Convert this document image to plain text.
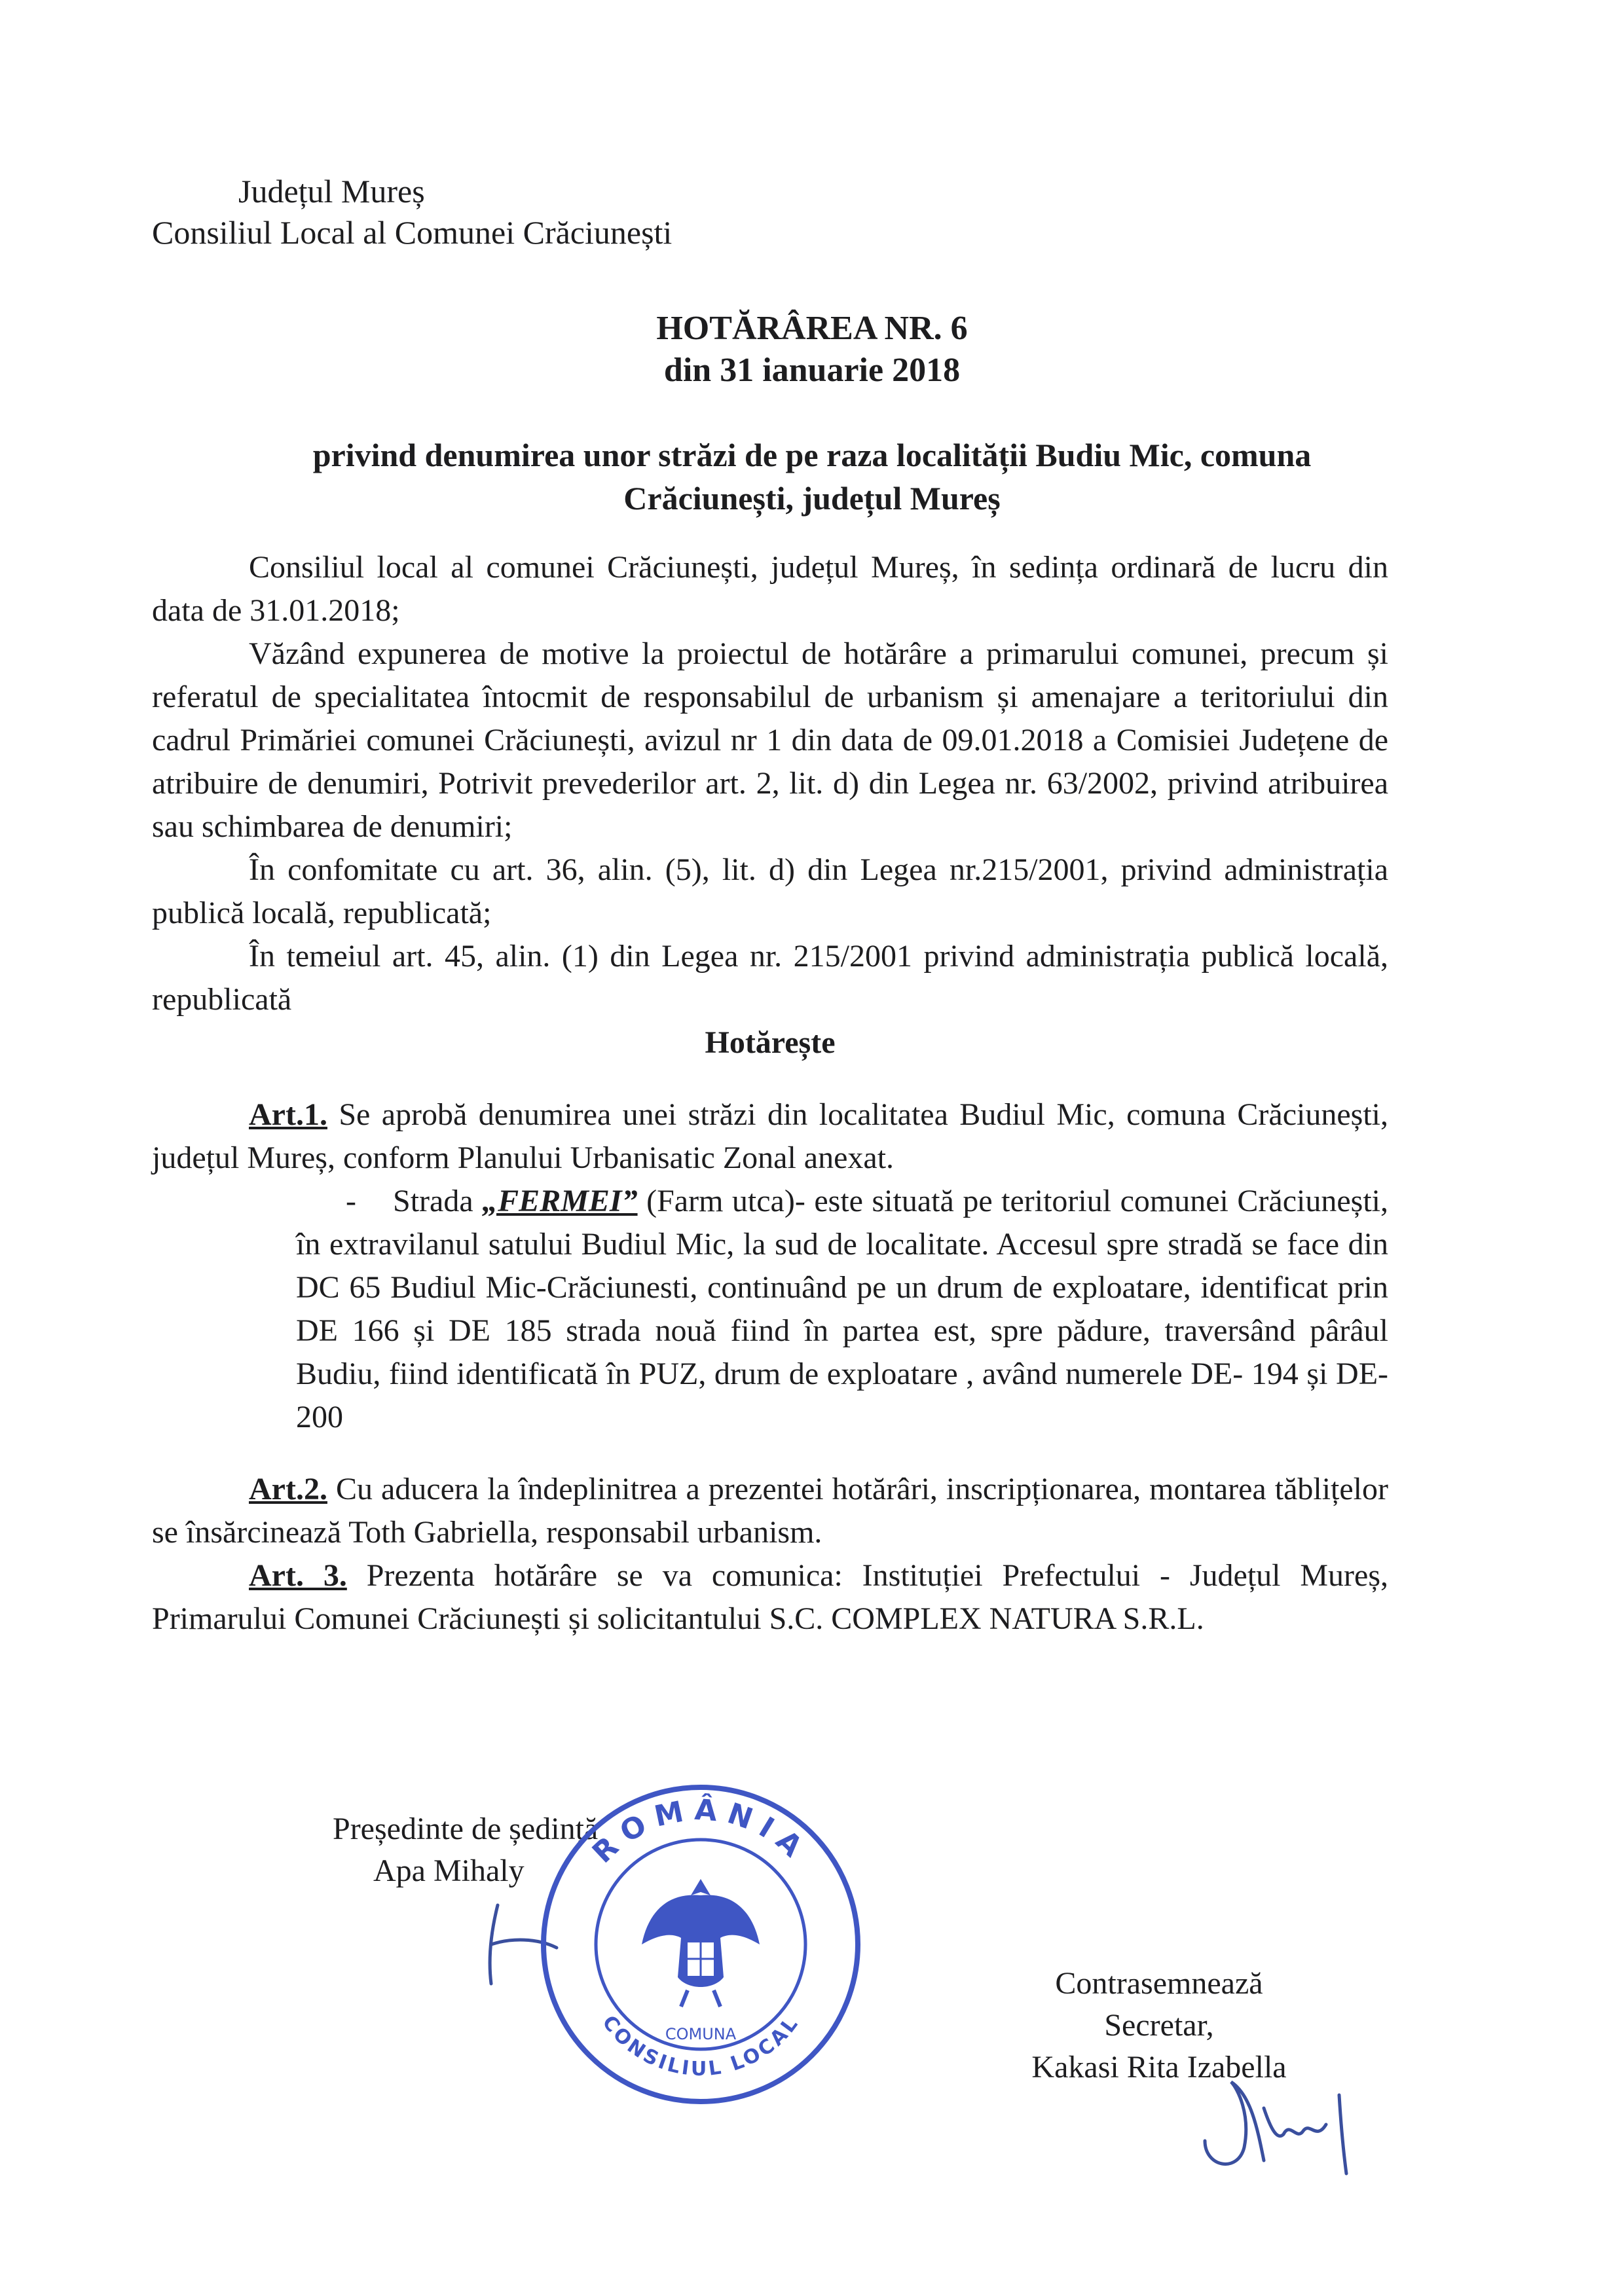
Județul Mureș
Consiliul Local al Comunei Crăciunești
HOTĂRÂREA NR. 6
din 31 ianuarie 2018
privind denumirea unor străzi de pe raza localității Budiu Mic, comuna
Crăciunești, județul Mureș

Consiliul local al comunei Crăciunești, județul Mureș, în sedința ordinară de lucru din data de 31.01.2018;

Văzând expunerea de motive la proiectul de hotărâre a primarului comunei, precum și referatul de specialitatea întocmit de responsabilul de urbanism și amenajare a teritoriului din cadrul Primăriei comunei Crăciunești, avizul nr 1 din data de 09.01.2018 a Comisiei Județene de atribuire de denumiri, Potrivit prevederilor art. 2, lit. d) din Legea nr. 63/2002, privind atribuirea sau schimbarea de denumiri;

În confomitate cu art. 36, alin. (5), lit. d) din Legea nr.215/2001, privind administrația publică locală, republicată;

În temeiul art. 45, alin. (1) din Legea nr. 215/2001 privind administrația publică locală, republicată

Hotărește

Art.1. Se aprobă denumirea unei străzi din localitatea Budiul Mic, comuna Crăciunești, județul Mureș, conform Planului Urbanisatic Zonal anexat.

- Strada „FERMEI” (Farm utca)- este situată pe teritoriul comunei Crăciunești, în extravilanul satului Budiul Mic, la sud de localitate. Accesul spre stradă se face din DC 65 Budiul Mic-Crăciunesti, continuând pe un drum de exploatare, identificat prin DE 166 și DE 185 strada nouă fiind în partea est, spre pădure, traversând pârâul Budiu, fiind identificată în PUZ, drum de exploatare , având numerele DE- 194 și DE- 200

Art.2. Cu aducera la îndeplinitrea a prezentei hotărâri, inscripționarea, montarea tăblițelor se însărcinează Toth Gabriella, responsabil urbanism.

Art. 3. Prezenta hotărâre se va comunica: Instituției Prefectului - Județul Mureș, Primarului Comunei Crăciunești și solicitantului S.C. COMPLEX NATURA S.R.L.

Președinte de ședință
Apa Mihaly
ROMÂNIA
CONSILIUL LOCAL
COMUNA
Contrasemnează
Secretar,
Kakasi Rita Izabella
